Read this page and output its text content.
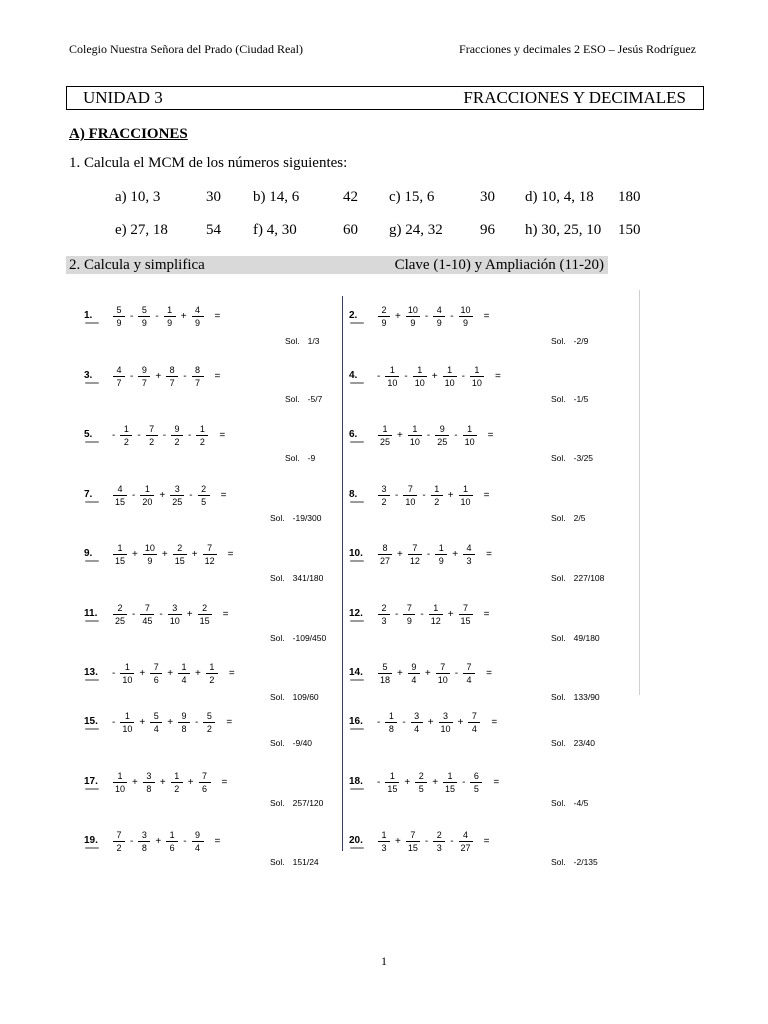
Colegio Nuestra Señora del Prado (Ciudad Real)	Fracciones y decimales 2 ESO – Jesús Rodríguez
UNIDAD 3	FRACCIONES Y DECIMALES
A) FRACCIONES
1. Calcula el MCM de los números siguientes:
a) 10, 3	30 b) 14, 6	42 c) 15, 6	30 d) 10, 4, 18 180
e) 27, 18	54 f) 4, 30	60 g) 24, 32 96 h) 30, 25, 10 150
2. Calcula y simplifica	Clave (1-10) y Ampliación (11-20)
1. $\frac{5}{9} - \frac{5}{9} - \frac{1}{9} + \frac{4}{9}$ =
Sol. 1/3
2. $\frac{2}{9} + \frac{10}{9} - \frac{4}{9} - \frac{10}{9}$ =
Sol. -2/9
3. $\frac{4}{7} - \frac{9}{7} + \frac{8}{7} - \frac{8}{7}$ =
Sol. -5/7
4. - $\frac{1}{10} - \frac{1}{10} + \frac{1}{10} - \frac{1}{10}$ =
Sol. -1/5
5. - $\frac{1}{2} - \frac{7}{2} - \frac{9}{2} - \frac{1}{2}$ =
Sol. -9
6. $\frac{1}{25} + \frac{1}{10} - \frac{9}{25} - \frac{1}{10}$ =
Sol. -3/25
7. $\frac{4}{15} - \frac{1}{20} + \frac{3}{25} - \frac{2}{5}$ =
Sol. -19/300
8. $\frac{3}{2} - \frac{7}{10} - \frac{1}{2} + \frac{1}{10}$ =
Sol. 2/5
9. $\frac{1}{15} + \frac{10}{9} + \frac{2}{15} + \frac{7}{12}$ =
Sol. 341/180
10. $\frac{8}{27} + \frac{7}{12} - \frac{1}{9} + \frac{4}{3}$ =
Sol. 227/108
11. $\frac{2}{25} - \frac{7}{45} - \frac{3}{10} + \frac{2}{15}$ =
Sol. -109/450
12. $\frac{2}{3} - \frac{7}{9} - \frac{1}{12} + \frac{7}{15}$ =
Sol. 49/180
13. - $\frac{1}{10} + \frac{7}{6} + \frac{1}{4} + \frac{1}{2}$ =
Sol. 109/60
14. $\frac{5}{18} + \frac{9}{4} + \frac{7}{10} - \frac{7}{4}$ =
Sol. 133/90
15. - $\frac{1}{10} + \frac{5}{4} + \frac{9}{8} - \frac{5}{2}$ =
Sol. -9/40
16. - $\frac{1}{8} - \frac{3}{4} + \frac{3}{10} + \frac{7}{4}$ =
Sol. 23/40
17. $\frac{1}{10} + \frac{3}{8} + \frac{1}{2} + \frac{7}{6}$ =
Sol. 257/120
18. - $\frac{1}{15} + \frac{2}{5} + \frac{1}{15} - \frac{6}{5}$ =
Sol. -4/5
19. $\frac{7}{2} - \frac{3}{8} + \frac{1}{6} - \frac{9}{4}$ =
Sol. 151/24
20. $\frac{1}{3} + \frac{7}{15} - \frac{2}{3} - \frac{4}{27}$ =
Sol. -2/135
1
